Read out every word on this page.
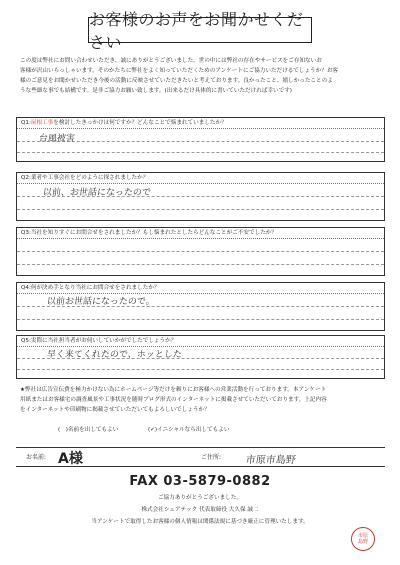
お客様のお声をお聞かせください

この度は弊社にお問い合わせいただき、誠にありがとうございました。世の中には弊社の存在やサービスをご存知ないお

客様が沢山いらっしゃいます。そのかたちに弊社をよく知っていただくためのアンケートにご協力いただけるでしょうか？お客

様のご意見をお聞かせいただき今後の活動に反映させていただきたいと考えております。良かったこと、嬉しかったことのよ

うな些細な事でも結構です。是非ご協力お願い致します。(出来るだけ具体的に書いていただければ幸いです)

Q1:屋根工事を検討したきっかけは何ですか？どんなことで悩まれていましたか？
台風被害
Q2:業者や工事会社をどのように探されましたか？
以前、お世話になったので
Q3:当社を知りすぐにお問合せをされましたか？もし悩まれたとしたらどんなことがご不安でしたか？
Q4:何が決め手となり当社にお問合せをされましたか？
以前お世話になったので。
Q5:実際に当社担当者がお伺いしていかがでしたでしょうか？
早く来てくれたので、ホッとした

★弊社は広告宣伝費を極力かけない為にホームページ等だけを頼りにお客様への営業活動を行っております。本アンケート

用紙またはお客様宅の調査風景や工事状況を随時ブログ形式のインターネットに掲載させていただいております。上記内容

をインターネットや印刷物に掲載させていただいてもよろしいでしょうか？

(　)名前を出してもよい	(✓)イニシャルなら出してもよい
お名前: A様	ご住所: 市原市島野
FAX 03-5879-0882
ご協力ありがとうございました。
株式会社シェアテック 代表取締役 大久保 誠二
当アンケートで取得したお客様の個人情報は関係法規に基づき厳正に管理いたします。
市原
島野
